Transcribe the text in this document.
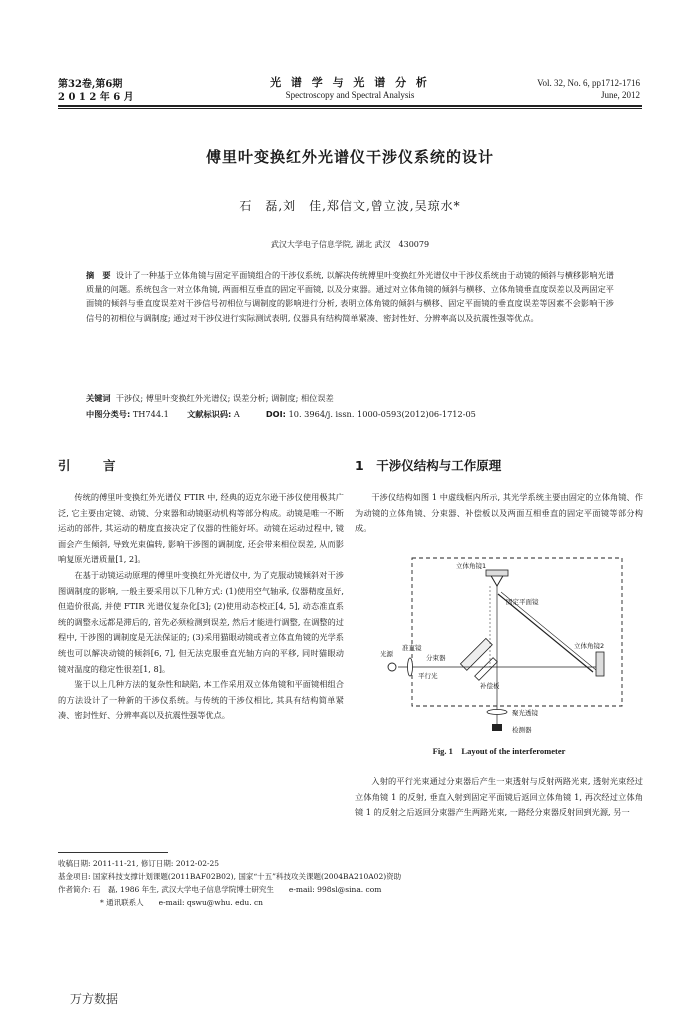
第32卷,第6期
2 0 1 2 年 6 月
光 谱 学 与 光 谱 分 析
Spectroscopy and Spectral Analysis
Vol. 32, No. 6, pp1712-1716
June, 2012
傅里叶变换红外光谱仪干涉仪系统的设计
石　磊,刘　佳,郑信文,曾立波,吴琼水*
武汉大学电子信息学院, 湖北 武汉　430079
摘　要 设计了一种基于立体角镜与固定平面镜组合的干涉仪系统, 以解决传统傅里叶变换红外光谱仪中干涉仪系统由于动镜的倾斜与横移影响光谱质量的问题。系统包含一对立体角镜, 两面相互垂直的固定平面镜, 以及分束器。通过对立体角镜的倾斜与横移、立体角镜垂直度误差以及两固定平面镜的倾斜与垂直度误差对干涉信号初相位与调制度的影响进行分析, 表明立体角镜的倾斜与横移、固定平面镜的垂直度误差等因素不会影响干涉信号的初相位与调制度; 通过对干涉仪进行实际测试表明, 仪器具有结构简单紧凑、密封性好、分辨率高以及抗震性强等优点。
关键词 干涉仪; 傅里叶变换红外光谱仪; 误差分析; 调制度; 相位误差
中图分类号: TH744.1 文献标识码: A	DOI: 10. 3964/j. issn. 1000-0593(2012)06-1712-05
引　言	1　干涉仪结构与工作原理

传统的傅里叶变换红外光谱仪 FTIR 中, 经典的迈克尔逊干涉仪使用极其广泛, 它主要由定镜、动镜、分束器和动镜驱动机构等部分构成。动镜是唯一不断运动的部件, 其运动的精度直接决定了仪器的性能好坏。动镜在运动过程中, 镜面会产生倾斜, 导致光束偏转, 影响干涉图的调制度, 还会带来相位误差, 从而影响复原光谱质量[1, 2]。

在基于动镜运动原理的傅里叶变换红外光谱仪中, 为了克服动镜倾斜对干涉图调制度的影响, 一般主要采用以下几种方式: (1)使用空气轴承, 仪器精度虽好, 但造价很高, 并使 FTIR 光谱仪复杂化[3]; (2)使用动态校正[4, 5], 动态准直系统的调整永远都是滞后的, 首先必须检测到误差, 然后才能进行调整, 在调整的过程中, 干涉图的调制度是无法保证的; (3)采用猫眼动镜或者立体直角镜的光学系统也可以解决动镜的倾斜[6, 7], 但无法克服垂直光轴方向的平移, 同时猫眼动镜对温度的稳定性很差[1, 8]。

鉴于以上几种方法的复杂性和缺陷, 本工作采用双立体角镜和平面镜相组合的方法设计了一种新的干涉仪系统。与传统的干涉仪相比, 其具有结构简单紧凑、密封性好、分辨率高以及抗震性强等优点。

干涉仪结构如图 1 中虚线框内所示, 其光学系统主要由固定的立体角镜、作为动镜的立体角镜、分束器、补偿板以及两面互相垂直的固定平面镜等部分构成。

立体角镜1
固定平面镜
分束器
补偿板
立体角镜2
光源
准直镜
平行光
聚光透镜
检测器
Fig. 1　Layout of the interferometer

入射的平行光束通过分束器后产生一束透射与反射两路光束, 透射光束经过立体角镜 1 的反射, 垂直入射到固定平面镜后返回立体角镜 1, 再次经过立体角镜 1 的反射之后返回分束器产生两路光束, 一路经分束器反射回到光源, 另一

收稿日期: 2011-11-21, 修订日期: 2012-02-25
基金项目: 国家科技支撑计划课题(2011BAF02B02), 国家“十五”科技攻关课题(2004BA210A02)资助
作者简介: 石　磊, 1986 年生, 武汉大学电子信息学院博士研究生　　e-mail: 998sl@sina. com
* 通讯联系人　　e-mail: qswu@whu. edu. cn
万方数据
